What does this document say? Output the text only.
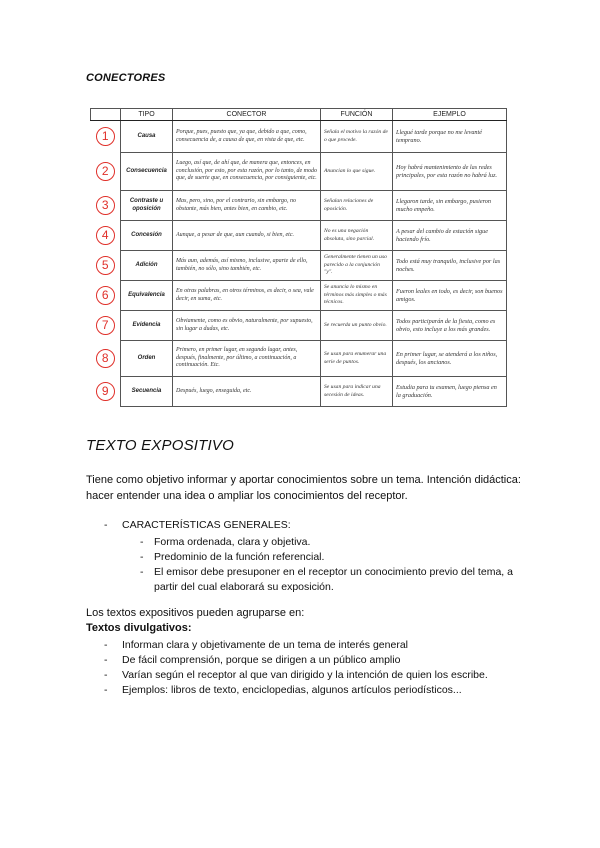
CONECTORES
	TIPO	CONECTOR	FUNCIÓN	EJEMPLO
1	Causa	Porque, pues, puesto que, ya que, debido a que, como, consecuencia de, a causa de que, en vista de que, etc.	Señala el motivo la razón de o que procede.	Llegué tarde porque no me levanté temprano.
2	Consecuencia	Luego, así que, de ahí que, de manera que, entonces, en conclusión, por esto, por esta razón, por lo tanto, de modo que, de suerte que, en consecuencia, por consiguiente, etc.	Anuncian lo que sigue.	Hoy habrá mantenimiento de las redes principales, por esta razón no habrá luz.
3	Contraste u oposición	Mas, pero, sino, por el contrario, sin embargo, no obstante, más bien, antes bien, en cambio, etc.	Señalan relaciones de oposición.	Llegaron tarde, sin embargo, pusieron mucho empeño.
4	Concesión	Aunque, a pesar de que, aun cuando, si bien, etc.	No es una negación absoluta, sino parcial.	A pesar del cambio de estación sigue haciendo frío.
5	Adición	Más aun, además, así mismo, inclusive, aparte de ello, también, no sólo, sino también, etc.	Generalmente tienen un uso parecido a la conjunción "y".	Todo está muy tranquilo, inclusive por las noches.
6	Equivalencia	En otras palabras, en otros términos, es decir, o sea, vale decir, en suma, etc.	Se anuncia lo mismo en términos más simples o más técnicos.	Fueron leales en todo, es decir, son buenos amigos.
7	Evidencia	Obviamente, como es obvio, naturalmente, por supuesto, sin lugar a dudas, etc.	Se recuerda un punto obvio.	Todos participarán de la fiesta, como es obvio, esto incluye a los más grandes.
8	Orden	Primero, en primer lugar, en segundo lugar, antes, después, finalmente, por último, a continuación, a continuación. Etc.	Se usan para enumerar una serie de puntos.	En primer lugar, se atenderá a los niños, después, los ancianos.
9	Secuencia	Después, luego, enseguida, etc.	Se usan para indicar una secesión de ideas.	Estudia para tu examen, luego piensa en la graduación.
TEXTO EXPOSITIVO
Tiene como objetivo informar y aportar conocimientos sobre un tema. Intención didáctica: hacer entender una idea o ampliar los conocimientos del receptor.
- CARACTERÍSTICAS GENERALES:
-	Forma ordenada, clara y objetiva.
-	Predominio de la función referencial.
-	El emisor debe presuponer en el receptor un conocimiento previo del tema, a partir del cual elaborará su exposición.
Los textos expositivos pueden agruparse en:
Textos divulgativos:
-	Informan clara y objetivamente de un tema de interés general
-	De fácil comprensión, porque se dirigen a un público amplio
-	Varían según el receptor al que van dirigido y la intención de quien los escribe.
-	Ejemplos: libros de texto, enciclopedias, algunos artículos periodísticos...
